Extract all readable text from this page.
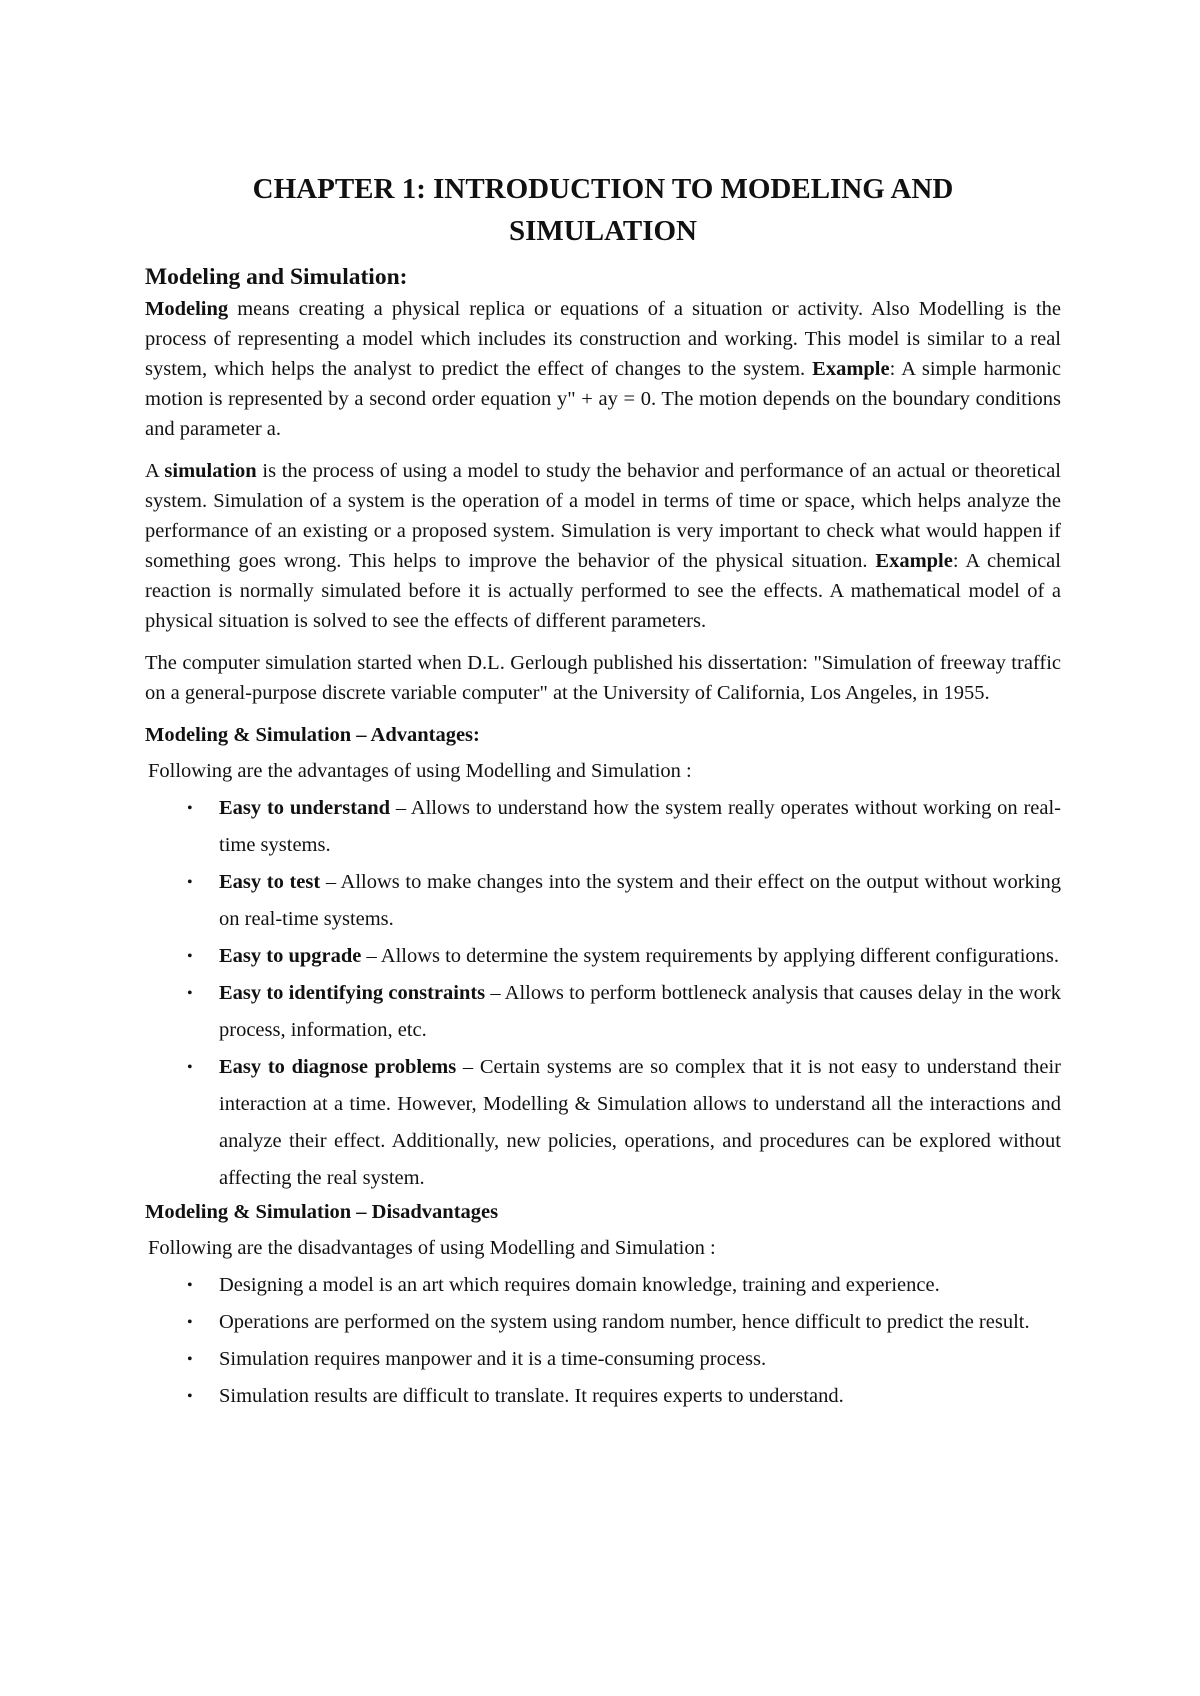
CHAPTER 1: INTRODUCTION TO MODELING AND SIMULATION
Modeling and Simulation:

Modeling means creating a physical replica or equations of a situation or activity. Also Modelling is the process of representing a model which includes its construction and working. This model is similar to a real system, which helps the analyst to predict the effect of changes to the system. Example: A simple harmonic motion is represented by a second order equation y" + ay = 0. The motion depends on the boundary conditions and parameter a.

A simulation is the process of using a model to study the behavior and performance of an actual or theoretical system. Simulation of a system is the operation of a model in terms of time or space, which helps analyze the performance of an existing or a proposed system. Simulation is very important to check what would happen if something goes wrong. This helps to improve the behavior of the physical situation. Example: A chemical reaction is normally simulated before it is actually performed to see the effects. A mathematical model of a physical situation is solved to see the effects of different parameters.

The computer simulation started when D.L. Gerlough published his dissertation: "Simulation of freeway traffic on a general-purpose discrete variable computer" at the University of California, Los Angeles, in 1955.

Modeling & Simulation – Advantages:

Following are the advantages of using Modelling and Simulation :

• Easy to understand – Allows to understand how the system really operates without working on real-time systems.
• Easy to test – Allows to make changes into the system and their effect on the output without working on real-time systems.
• Easy to upgrade – Allows to determine the system requirements by applying different configurations.
• Easy to identifying constraints – Allows to perform bottleneck analysis that causes delay in the work process, information, etc.
• Easy to diagnose problems – Certain systems are so complex that it is not easy to understand their interaction at a time. However, Modelling & Simulation allows to understand all the interactions and analyze their effect. Additionally, new policies, operations, and procedures can be explored without affecting the real system.
Modeling & Simulation – Disadvantages

Following are the disadvantages of using Modelling and Simulation :

• Designing a model is an art which requires domain knowledge, training and experience.
• Operations are performed on the system using random number, hence difficult to predict the result.
• Simulation requires manpower and it is a time-consuming process.
• Simulation results are difficult to translate. It requires experts to understand.
